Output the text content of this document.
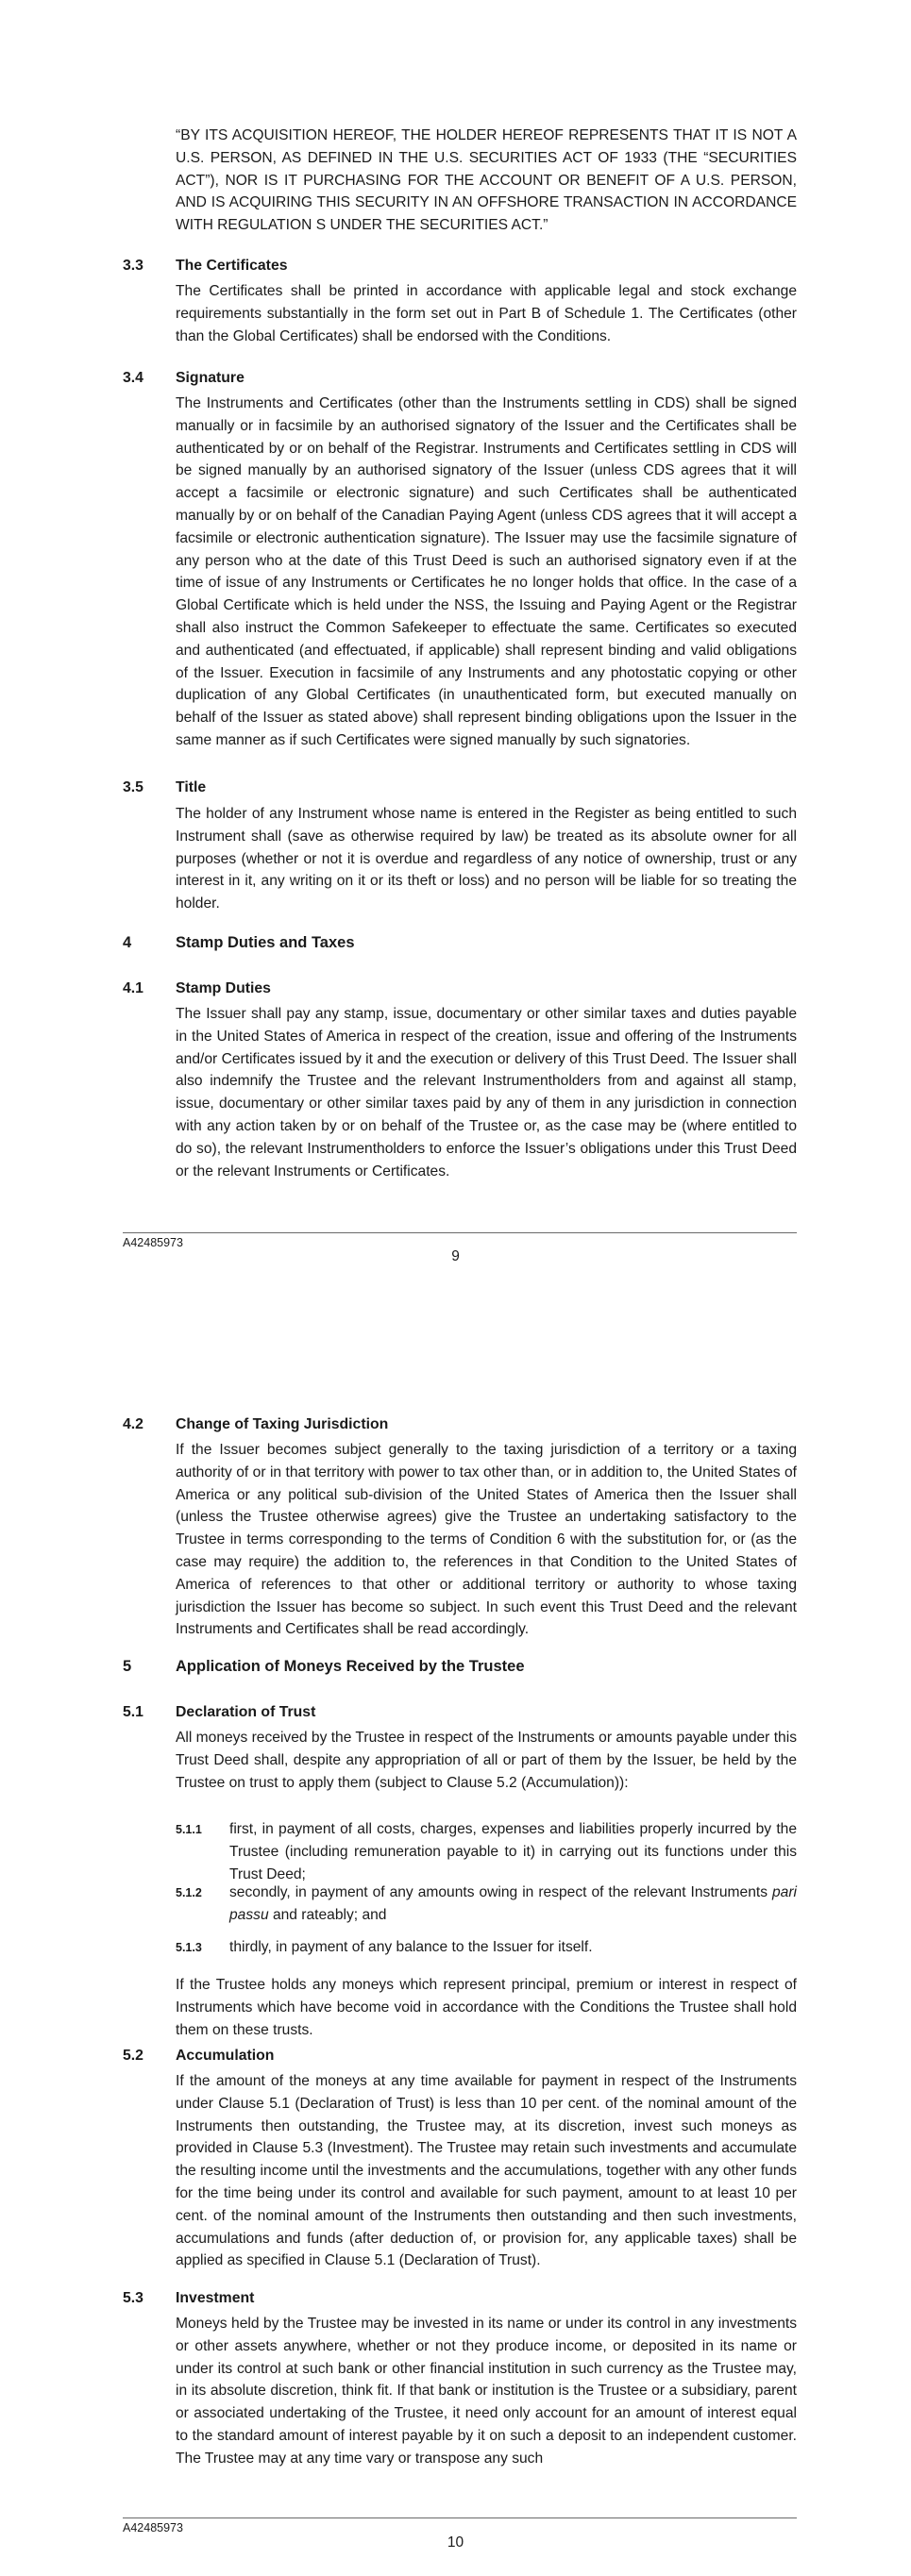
“BY ITS ACQUISITION HEREOF, THE HOLDER HEREOF REPRESENTS THAT IT IS NOT A U.S. PERSON, AS DEFINED IN THE U.S. SECURITIES ACT OF 1933 (THE “SECURITIES ACT”), NOR IS IT PURCHASING FOR THE ACCOUNT OR BENEFIT OF A U.S. PERSON, AND IS ACQUIRING THIS SECURITY IN AN OFFSHORE TRANSACTION IN ACCORDANCE WITH REGULATION S UNDER THE SECURITIES ACT.”

3.3 The Certificates

The Certificates shall be printed in accordance with applicable legal and stock exchange requirements substantially in the form set out in Part B of Schedule 1. The Certificates (other than the Global Certificates) shall be endorsed with the Conditions.

3.4 Signature

The Instruments and Certificates (other than the Instruments settling in CDS) shall be signed manually or in facsimile by an authorised signatory of the Issuer and the Certificates shall be authenticated by or on behalf of the Registrar. Instruments and Certificates settling in CDS will be signed manually by an authorised signatory of the Issuer (unless CDS agrees that it will accept a facsimile or electronic signature) and such Certificates shall be authenticated manually by or on behalf of the Canadian Paying Agent (unless CDS agrees that it will accept a facsimile or electronic authentication signature). The Issuer may use the facsimile signature of any person who at the date of this Trust Deed is such an authorised signatory even if at the time of issue of any Instruments or Certificates he no longer holds that office. In the case of a Global Certificate which is held under the NSS, the Issuing and Paying Agent or the Registrar shall also instruct the Common Safekeeper to effectuate the same. Certificates so executed and authenticated (and effectuated, if applicable) shall represent binding and valid obligations of the Issuer. Execution in facsimile of any Instruments and any photostatic copying or other duplication of any Global Certificates (in unauthenticated form, but executed manually on behalf of the Issuer as stated above) shall represent binding obligations upon the Issuer in the same manner as if such Certificates were signed manually by such signatories.

3.5 Title

The holder of any Instrument whose name is entered in the Register as being entitled to such Instrument shall (save as otherwise required by law) be treated as its absolute owner for all purposes (whether or not it is overdue and regardless of any notice of ownership, trust or any interest in it, any writing on it or its theft or loss) and no person will be liable for so treating the holder.

4	Stamp Duties and Taxes

4.1 Stamp Duties

The Issuer shall pay any stamp, issue, documentary or other similar taxes and duties payable in the United States of America in respect of the creation, issue and offering of the Instruments and/or Certificates issued by it and the execution or delivery of this Trust Deed. The Issuer shall also indemnify the Trustee and the relevant Instrumentholders from and against all stamp, issue, documentary or other similar taxes paid by any of them in any jurisdiction in connection with any action taken by or on behalf of the Trustee or, as the case may be (where entitled to do so), the relevant Instrumentholders to enforce the Issuer’s obligations under this Trust Deed or the relevant Instruments or Certificates.

A42485973

9

4.2 Change of Taxing Jurisdiction

If the Issuer becomes subject generally to the taxing jurisdiction of a territory or a taxing authority of or in that territory with power to tax other than, or in addition to, the United States of America or any political sub-division of the United States of America then the Issuer shall (unless the Trustee otherwise agrees) give the Trustee an undertaking satisfactory to the Trustee in terms corresponding to the terms of Condition 6 with the substitution for, or (as the case may require) the addition to, the references in that Condition to the United States of America of references to that other or additional territory or authority to whose taxing jurisdiction the Issuer has become so subject. In such event this Trust Deed and the relevant Instruments and Certificates shall be read accordingly.

5	Application of Moneys Received by the Trustee

5.1 Declaration of Trust

All moneys received by the Trustee in respect of the Instruments or amounts payable under this Trust Deed shall, despite any appropriation of all or part of them by the Issuer, be held by the Trustee on trust to apply them (subject to Clause 5.2 (Accumulation)):

5.1.1 first, in payment of all costs, charges, expenses and liabilities properly incurred by the Trustee (including remuneration payable to it) in carrying out its functions under this Trust Deed;

5.1.2 secondly, in payment of any amounts owing in respect of the relevant Instruments pari passu and rateably; and

5.1.3 thirdly, in payment of any balance to the Issuer for itself.

If the Trustee holds any moneys which represent principal, premium or interest in respect of Instruments which have become void in accordance with the Conditions the Trustee shall hold them on these trusts.

5.2 Accumulation

If the amount of the moneys at any time available for payment in respect of the Instruments under Clause 5.1 (Declaration of Trust) is less than 10 per cent. of the nominal amount of the Instruments then outstanding, the Trustee may, at its discretion, invest such moneys as provided in Clause 5.3 (Investment). The Trustee may retain such investments and accumulate the resulting income until the investments and the accumulations, together with any other funds for the time being under its control and available for such payment, amount to at least 10 per cent. of the nominal amount of the Instruments then outstanding and then such investments, accumulations and funds (after deduction of, or provision for, any applicable taxes) shall be applied as specified in Clause 5.1 (Declaration of Trust).

5.3 Investment

Moneys held by the Trustee may be invested in its name or under its control in any investments or other assets anywhere, whether or not they produce income, or deposited in its name or under its control at such bank or other financial institution in such currency as the Trustee may, in its absolute discretion, think fit. If that bank or institution is the Trustee or a subsidiary, parent or associated undertaking of the Trustee, it need only account for an amount of interest equal to the standard amount of interest payable by it on such a deposit to an independent customer. The Trustee may at any time vary or transpose any such

A42485973

10
